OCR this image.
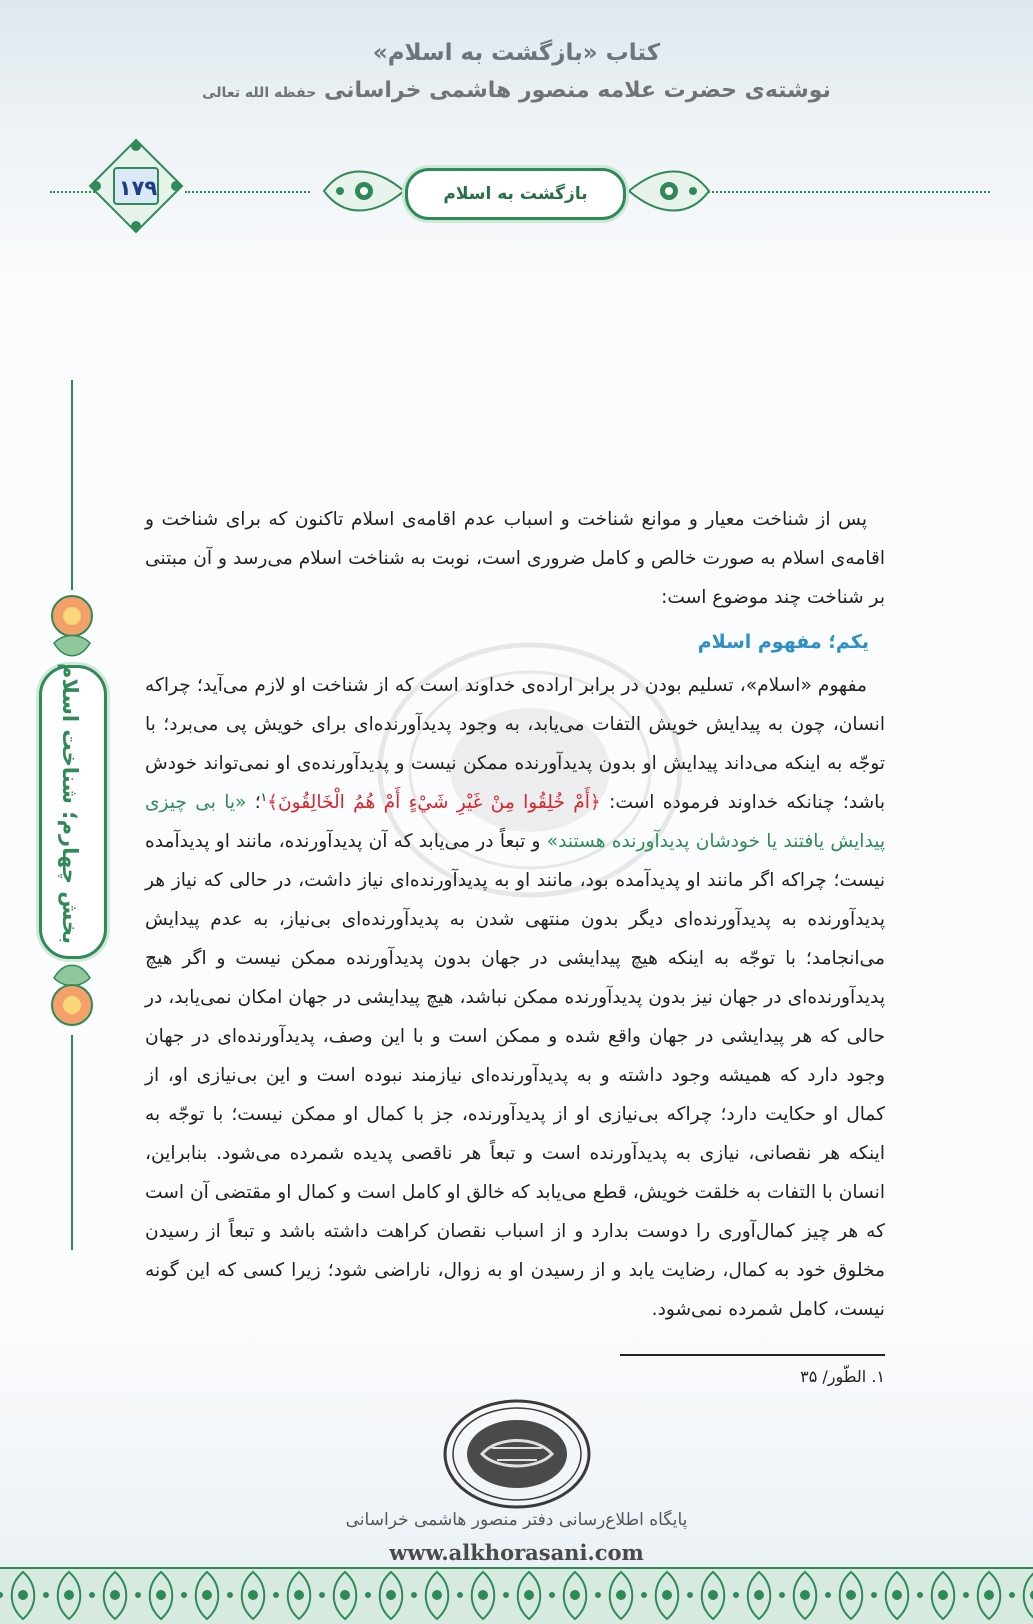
کتاب «بازگشت به اسلام»
نوشته‌ی حضرت علامه منصور هاشمی خراسانی حفظه الله تعالی
۱۷۹	بازگشت به اسلام
بخش چهارم؛ شناخت اسلام

پس از شناخت معیار و موانع شناخت و اسباب عدم اقامه‌ی اسلام تاکنون که برای شناخت و اقامه‌ی اسلام به صورت خالص و کامل ضروری است، نوبت به شناخت اسلام می‌رسد و آن مبتنی بر شناخت چند موضوع است:

یکم؛ مفهوم اسلام

مفهوم «اسلام»، تسلیم بودن در برابر اراده‌ی خداوند است که از شناخت او لازم می‌آید؛ چراکه انسان، چون به پیدایش خویش التفات می‌یابد، به وجود پدیدآورنده‌ای برای خویش پی می‌برد؛ با توجّه به اینکه می‌داند پیدایش او بدون پدیدآورنده ممکن نیست و پدیدآورنده‌ی او نمی‌تواند خودش باشد؛ چنانکه خداوند فرموده است: ﴿أَمْ خُلِقُوا مِنْ غَيْرِ شَيْءٍ أَمْ هُمُ الْخَالِقُونَ﴾$^۱$؛ «یا بی چیزی پیدایش یافتند یا خودشان پدیدآورنده هستند» و تبعاً در می‌یابد که آن پدیدآورنده، مانند او پدیدآمده نیست؛ چراکه اگر مانند او پدیدآمده بود، مانند او به پدیدآورنده‌ای نیاز داشت، در حالی که نیاز هر پدیدآورنده به پدیدآورنده‌ای دیگر بدون منتهی شدن به پدیدآورنده‌ای بی‌نیاز، به عدم پیدایش می‌انجامد؛ با توجّه به اینکه هیچ پیدایشی در جهان بدون پدیدآورنده ممکن نیست و اگر هیچ پدیدآورنده‌ای در جهان نیز بدون پدیدآورنده ممکن نباشد، هیچ پیدایشی در جهان امکان نمی‌یابد، در حالی که هر پیدایشی در جهان واقع شده و ممکن است و با این وصف، پدیدآورنده‌ای در جهان وجود دارد که همیشه وجود داشته و به پدیدآورنده‌ای نیازمند نبوده است و این بی‌نیازی او، از کمال او حکایت دارد؛ چراکه بی‌نیازی او از پدیدآورنده، جز با کمال او ممکن نیست؛ با توجّه به اینکه هر نقصانی، نیازی به پدیدآورنده است و تبعاً هر ناقصی پدیده شمرده می‌شود. بنابراین، انسان با التفات به خلقت خویش، قطع می‌یابد که خالق او کامل است و کمال او مقتضی آن است که هر چیز کمال‌آوری را دوست بدارد و از اسباب نقصان کراهت داشته باشد و تبعاً از رسیدن مخلوق خود به کمال، رضایت یابد و از رسیدن او به زوال، ناراضی شود؛ زیرا کسی که این گونه نیست، کامل شمرده نمی‌شود.

۱. الطّور/ ۳۵
پایگاه اطلاع‌رسانی دفتر منصور هاشمی خراسانی
www.alkhorasani.com
